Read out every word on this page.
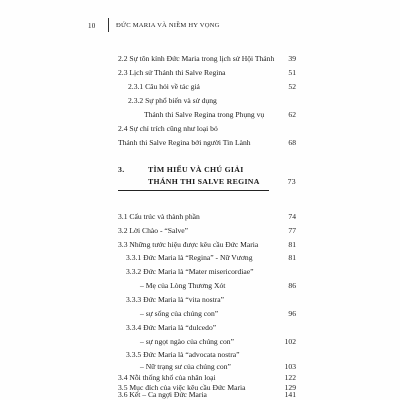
10	ĐỨC MARIA VÀ NIỀM HY VỌNG
2.2 Sự tôn kính Đức Maria trong lịch sử Hội Thánh 39
2.3 Lịch sử Thánh thi Salve Regina	51
2.3.1 Câu hỏi về tác giả	52
2.3.2 Sự phổ biến và sử dụng
Thánh thi Salve Regina trong Phụng vụ	62
2.4 Sự chỉ trích cũng như loại bỏ
Thánh thi Salve Regina bởi người Tin Lành	68
3.	TÌM HIỂU VÀ CHÚ GIẢI
THÁNH THI SALVE REGINA	73
3.1 Cấu trúc và thành phần	74
3.2 Lời Chào - “Salve”	77
3.3 Những tước hiệu được kêu cầu Đức Maria	81
3.3.1 Đức Maria là “Regina” - Nữ Vương	81
3.3.2 Đức Maria là “Mater misericordiae”
– Mẹ của Lòng Thương Xót	86
3.3.3 Đức Maria là “vita nostra”
– sự sống của chúng con”	96
3.3.4 Đức Maria là “dulcedo”
– sự ngọt ngào của chúng con”	102
3.3.5 Đức Maria là “advocata nostra”
– Nữ trạng sư của chúng con”	103
3.4 Nỗi thống khổ của nhân loại	122
3.5 Mục đích của việc kêu cầu Đức Maria	129
3.6 Kết – Ca ngợi Đức Maria	141
